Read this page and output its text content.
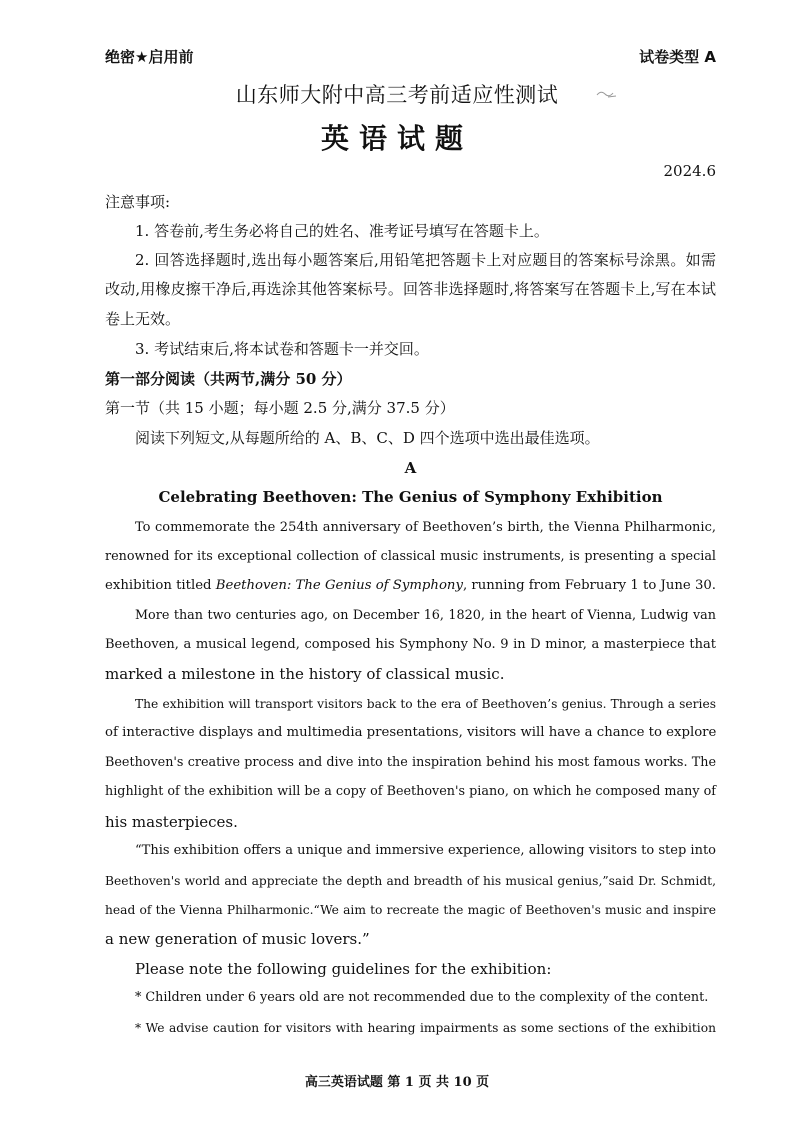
绝密★启用前	试卷类型 A
山东师大附中高三考前适应性测试
英语试题
2024.6
注意事项:
1. 答卷前,考生务必将自己的姓名、准考证号填写在答题卡上。
2. 回答选择题时,选出每小题答案后,用铅笔把答题卡上对应题目的答案标号涂黑。如需
改动,用橡皮擦干净后,再选涂其他答案标号。回答非选择题时,将答案写在答题卡上,写在本试
卷上无效。
3. 考试结束后,将本试卷和答题卡一并交回。
第一部分阅读（共两节,满分 50 分）
第一节（共 15 小题；每小题 2.5 分,满分 37.5 分）
阅读下列短文,从每题所给的 A、B、C、D 四个选项中选出最佳选项。
A
Celebrating Beethoven: The Genius of Symphony Exhibition
To commemorate the 254th anniversary of Beethoven’s birth, the Vienna Philharmonic,
renowned for its exceptional collection of classical music instruments, is presenting a special
exhibition titled Beethoven: The Genius of Symphony, running from February 1 to June 30.
More than two centuries ago, on December 16, 1820, in the heart of Vienna, Ludwig van
Beethoven, a musical legend, composed his Symphony No. 9 in D minor, a masterpiece that
marked a milestone in the history of classical music.
The exhibition will transport visitors back to the era of Beethoven’s genius. Through a series
of interactive displays and multimedia presentations, visitors will have a chance to explore
Beethoven's creative process and dive into the inspiration behind his most famous works. The
highlight of the exhibition will be a copy of Beethoven's piano, on which he composed many of
his masterpieces.
“This exhibition offers a unique and immersive experience, allowing visitors to step into
Beethoven's world and appreciate the depth and breadth of his musical genius,”said Dr. Schmidt,
head of the Vienna Philharmonic.“We aim to recreate the magic of Beethoven's music and inspire
a new generation of music lovers.”
Please note the following guidelines for the exhibition:
* Children under 6 years old are not recommended due to the complexity of the content.
* We advise caution for visitors with hearing impairments as some sections of the exhibition
高三英语试题 第 1 页 共 10 页
